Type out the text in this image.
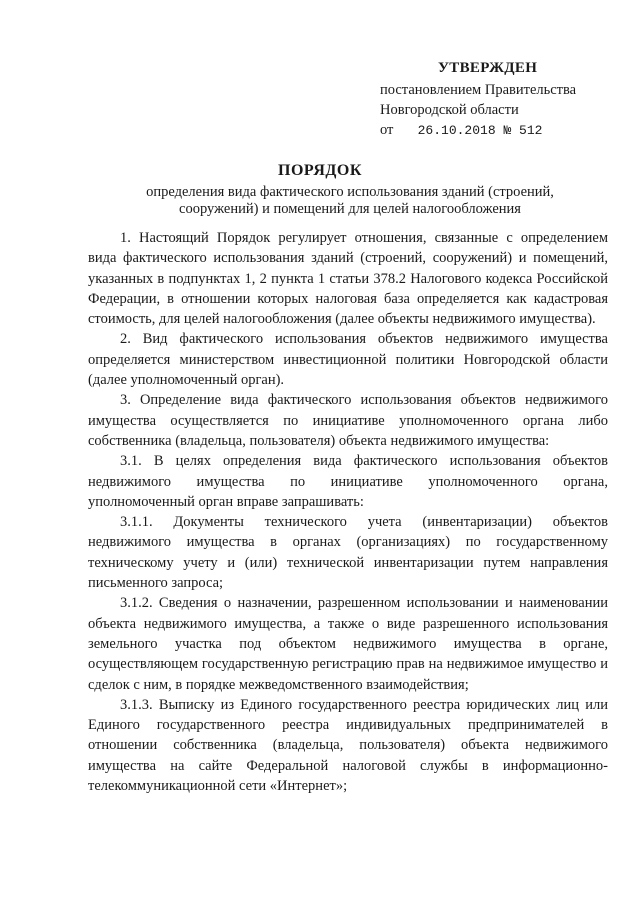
УТВЕРЖДЕН
постановлением Правительства
Новгородской области
от 26.10.2018 № 512
ПОРЯДОК
определения вида фактического использования зданий (строений, сооружений) и помещений для целей налогообложения

1. Настоящий Порядок регулирует отношения, связанные с определением вида фактического использования зданий (строений, сооружений) и помещений, указанных в подпунктах 1, 2 пункта 1 статьи 378.2 Налогового кодекса Российской Федерации, в отношении которых налоговая база определяется как кадастровая стоимость, для целей налогообложения (далее объекты недвижимого имущества).

2. Вид фактического использования объектов недвижимого имущества определяется министерством инвестиционной политики Новгородской области (далее уполномоченный орган).

3. Определение вида фактического использования объектов недвижимого имущества осуществляется по инициативе уполномоченного органа либо собственника (владельца, пользователя) объекта недвижимого имущества:

3.1. В целях определения вида фактического использования объектов недвижимого имущества по инициативе уполномоченного органа, уполномоченный орган вправе запрашивать:

3.1.1. Документы технического учета (инвентаризации) объектов недвижимого имущества в органах (организациях) по государственному техническому учету и (или) технической инвентаризации путем направления письменного запроса;

3.1.2. Сведения о назначении, разрешенном использовании и наименовании объекта недвижимого имущества, а также о виде разрешенного использования земельного участка под объектом недвижимого имущества в органе, осуществляющем государственную регистрацию прав на недвижимое имущество и сделок с ним, в порядке межведомственного взаимодействия;

3.1.3. Выписку из Единого государственного реестра юридических лиц или Единого государственного реестра индивидуальных предпринимателей в отношении собственника (владельца, пользователя) объекта недвижимого имущества на сайте Федеральной налоговой службы в информационно-телекоммуникационной сети «Интернет»;
